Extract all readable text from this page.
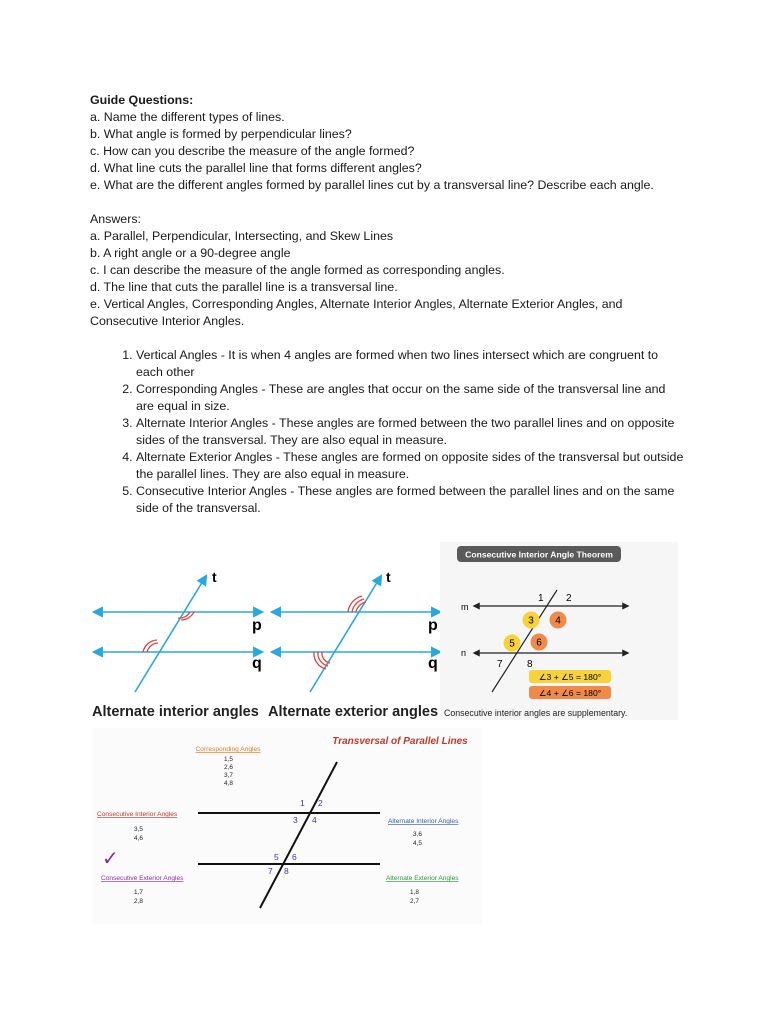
Guide Questions:

a. Name the different types of lines.

b. What angle is formed by perpendicular lines?

c. How can you describe the measure of the angle formed?

d. What line cuts the parallel line that forms different angles?

e. What are the different angles formed by parallel lines cut by a transversal line? Describe each angle.

Answers:

a. Parallel, Perpendicular, Intersecting, and Skew Lines

b. A right angle or a 90-degree angle

c. I can describe the measure of the angle formed as corresponding angles.

d. The line that cuts the parallel line is a transversal line.

e. Vertical Angles, Corresponding Angles, Alternate Interior Angles, Alternate Exterior Angles, and

Consecutive Interior Angles.

1. Vertical Angles - It is when 4 angles are formed when two lines intersect which are congruent to each other
2. Corresponding Angles - These are angles that occur on the same side of the transversal line and are equal in size.
3. Alternate Interior Angles - These angles are formed between the two parallel lines and on opposite sides of the transversal. They are also equal in measure.
4. Alternate Exterior Angles - These angles are formed on opposite sides of the transversal but outside the parallel lines. They are also equal in measure.
5. Consecutive Interior Angles - These angles are formed between the parallel lines and on the same side of the transversal.
t
p
q
t
p
q
Alternate interior angles Alternate exterior angles
Consecutive Interior Angle Theorem
m
n
1 2
3 4
5 6
7 8
∠3 + ∠5 = 180°
∠4 + ∠6 = 180°
Consecutive interior angles are supplementary.
Transversal of Parallel Lines
1 2
3 4
5 6
7 8
Corresponding Angles
1,5
2,6
3,7
4,8
Consecutive Interior Angles
3,5
4,6
✓
Consecutive Exterior Angles
1,7
2,8
Alternate Interior Angles
3,6
4,5
Alternate Exterior Angles
1,8
2,7
